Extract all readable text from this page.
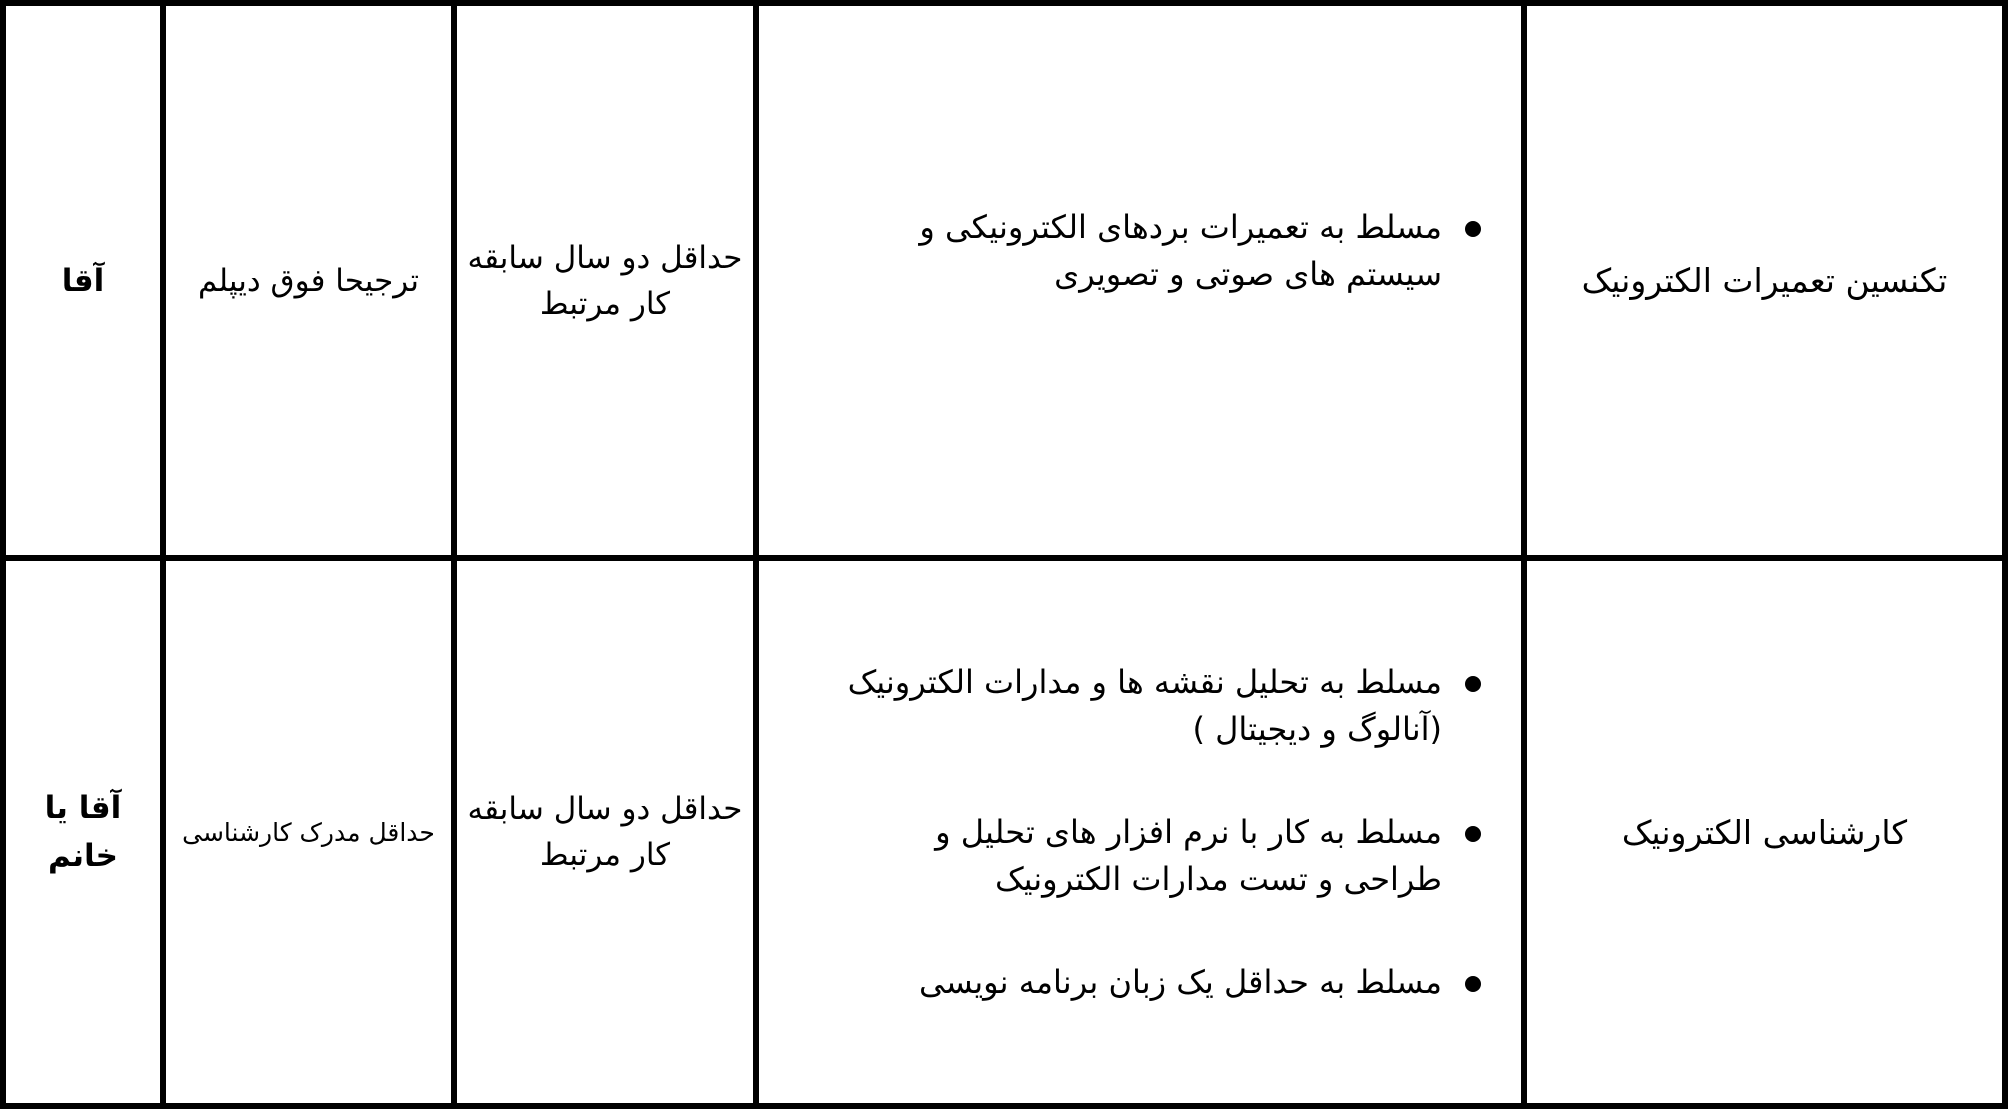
تکنسین تعمیرات الکترونیک
مسلط به تعمیرات بردهای الکترونیکی و سیستم های صوتی و تصویری
حداقل دو سال سابقه کار مرتبط
ترجیحا فوق دیپلم
آقا
کارشناسی الکترونیک
مسلط به تحلیل نقشه ها و مدارات الکترونیک (آنالوگ و دیجیتال )
مسلط به کار با نرم افزار های تحلیل و طراحی و تست مدارات الکترونیک
مسلط به حداقل یک زبان برنامه نویسی
حداقل دو سال سابقه کار مرتبط
حداقل مدرک کارشناسی
آقا یا خانم
